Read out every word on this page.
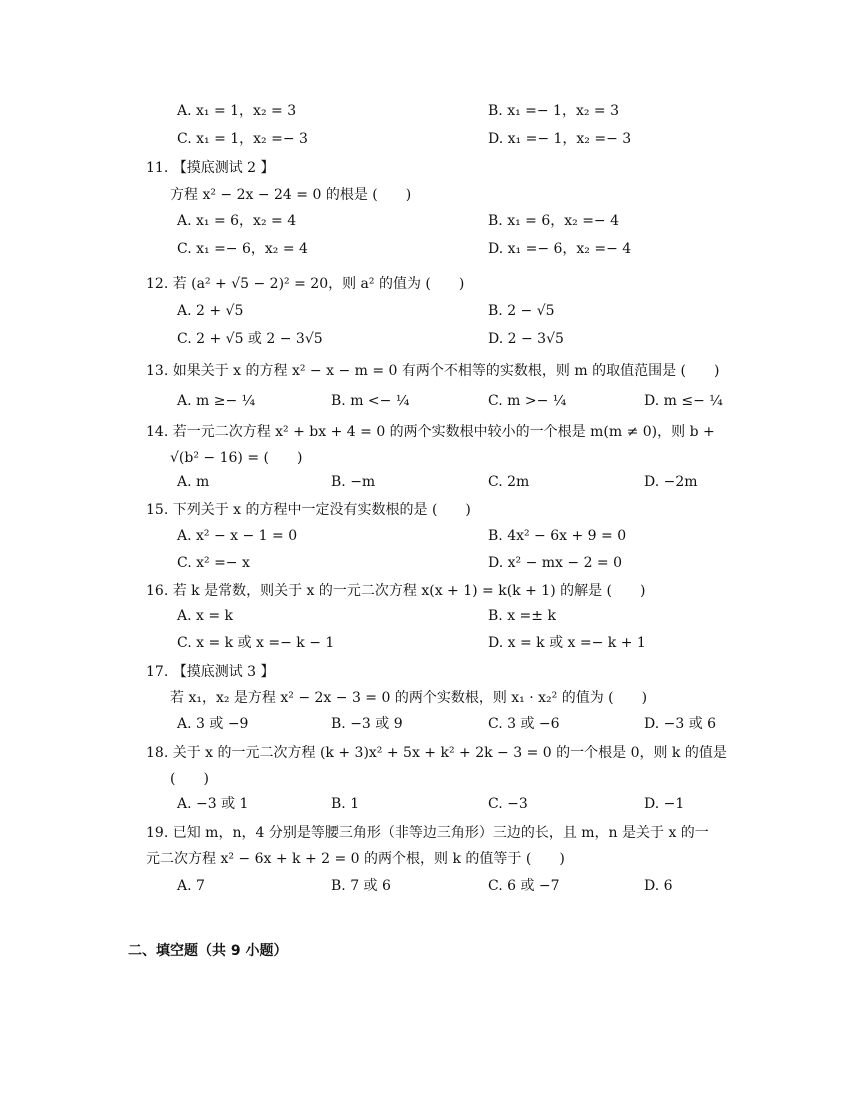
A. x₁ = 1，x₂ = 3	B. x₁ =− 1，x₂ = 3
C. x₁ = 1，x₂ =− 3	D. x₁ =− 1，x₂ =− 3
11. 【摸底测试 2 】
方程 x² − 2x − 24 = 0 的根是 (　　)
A. x₁ = 6，x₂ = 4	B. x₁ = 6，x₂ =− 4
C. x₁ =− 6，x₂ = 4	D. x₁ =− 6，x₂ =− 4
12. 若 (a² + √5 − 2)² = 20，则 a² 的值为 (　　)
A. 2 + √5	B. 2 − √5
C. 2 + √5 或 2 − 3√5	D. 2 − 3√5
13. 如果关于 x 的方程 x² − x − m = 0 有两个不相等的实数根，则 m 的取值范围是 (　　)
A. m ≥− ¼	B. m <− ¼	C. m >− ¼	D. m ≤− ¼
14. 若一元二次方程 x² + bx + 4 = 0 的两个实数根中较小的一个根是 m(m ≠ 0)，则 b +
√(b² − 16) = (　　)
A. m	B. −m	C. 2m	D. −2m
15. 下列关于 x 的方程中一定没有实数根的是 (　　)
A. x² − x − 1 = 0	B. 4x² − 6x + 9 = 0
C. x² =− x	D. x² − mx − 2 = 0
16. 若 k 是常数，则关于 x 的一元二次方程 x(x + 1) = k(k + 1) 的解是 (　　)
A. x = k	B. x =± k
C. x = k 或 x =− k − 1	D. x = k 或 x =− k + 1
17. 【摸底测试 3 】
若 x₁，x₂ 是方程 x² − 2x − 3 = 0 的两个实数根，则 x₁ · x₂² 的值为 (　　)
A. 3 或 −9	B. −3 或 9	C. 3 或 −6	D. −3 或 6
18. 关于 x 的一元二次方程 (k + 3)x² + 5x + k² + 2k − 3 = 0 的一个根是 0，则 k 的值是
(　　)
A. −3 或 1	B. 1	C. −3	D. −1
19. 已知 m，n，4 分别是等腰三角形（非等边三角形）三边的长，且 m，n 是关于 x 的一
元二次方程 x² − 6x + k + 2 = 0 的两个根，则 k 的值等于 (　　)
A. 7	B. 7 或 6	C. 6 或 −7	D. 6
二、填空题（共 9 小题）
